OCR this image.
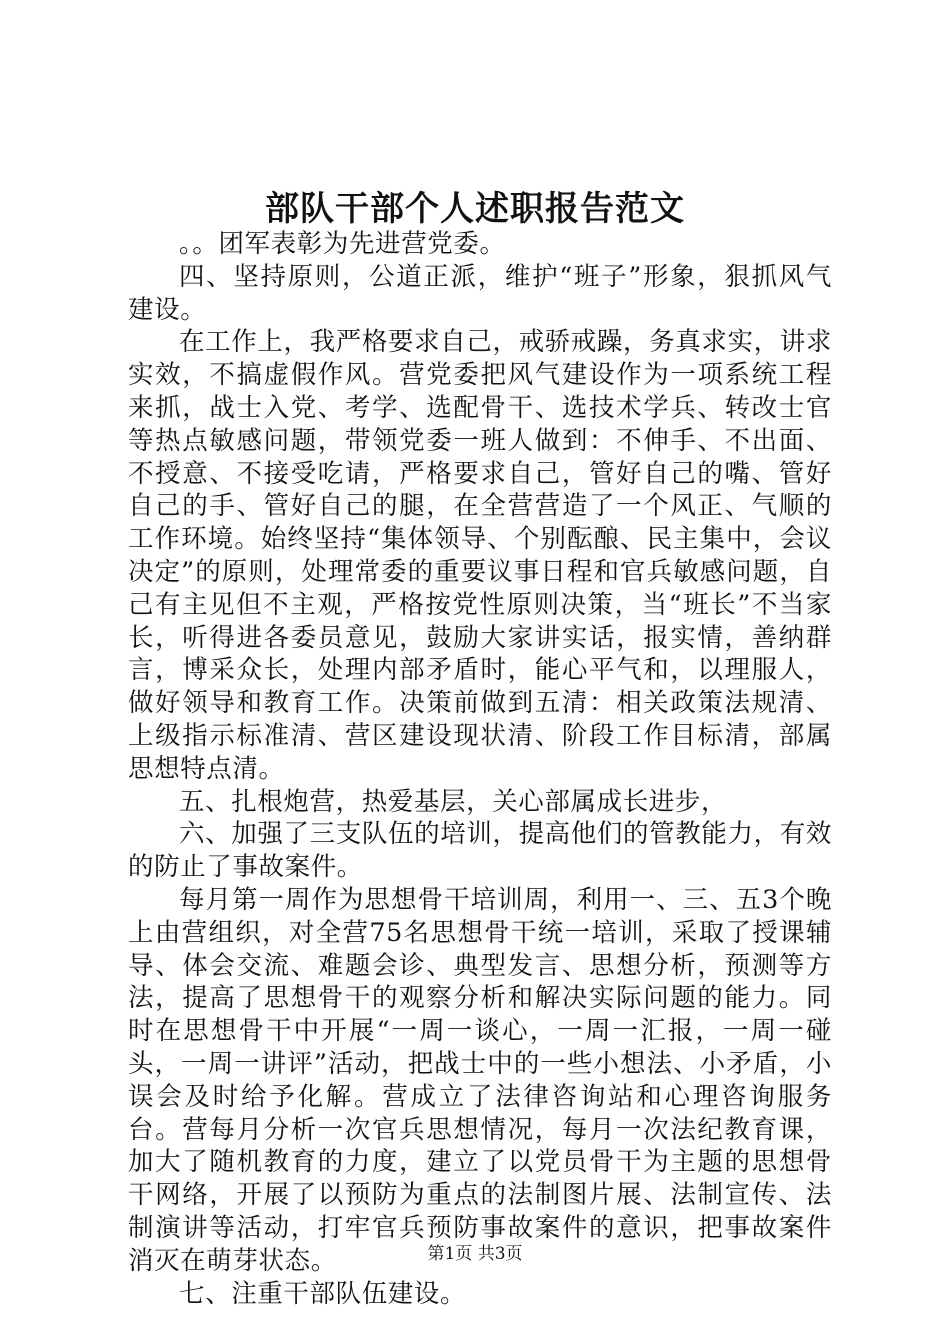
部队干部个人述职报告范文

。。团军表彰为先进营党委。

四、坚持原则，公道正派，维护“班子”形象，狠抓风气建设。

在工作上，我严格要求自己，戒骄戒躁，务真求实，讲求实效，不搞虚假作风。营党委把风气建设作为一项系统工程来抓，战士入党、考学、选配骨干、选技术学兵、转改士官等热点敏感问题，带领党委一班人做到：不伸手、不出面、不授意、不接受吃请，严格要求自己，管好自己的嘴、管好自己的手、管好自己的腿，在全营营造了一个风正、气顺的工作环境。始终坚持“集体领导、个别酝酿、民主集中，会议决定”的原则，处理常委的重要议事日程和官兵敏感问题，自己有主见但不主观，严格按党性原则决策，当“班长”不当家长，听得进各委员意见，鼓励大家讲实话，报实情，善纳群言，博采众长，处理内部矛盾时，能心平气和，以理服人，做好领导和教育工作。决策前做到五清：相关政策法规清、上级指示标准清、营区建设现状清、阶段工作目标清，部属思想特点清。

五、扎根炮营，热爱基层，关心部属成长进步，

六、加强了三支队伍的培训，提高他们的管教能力，有效的防止了事故案件。

每月第一周作为思想骨干培训周，利用一、三、五3个晚上由营组织，对全营75名思想骨干统一培训，采取了授课辅导、体会交流、难题会诊、典型发言、思想分析，预测等方法，提高了思想骨干的观察分析和解决实际问题的能力。同时在思想骨干中开展“一周一谈心，一周一汇报，一周一碰头，一周一讲评”活动，把战士中的一些小想法、小矛盾，小误会及时给予化解。营成立了法律咨询站和心理咨询服务台。营每月分析一次官兵思想情况，每月一次法纪教育课，加大了随机教育的力度，建立了以党员骨干为主题的思想骨干网络，开展了以预防为重点的法制图片展、法制宣传、法制演讲等活动，打牢官兵预防事故案件的意识，把事故案件消灭在萌芽状态。

七、注重干部队伍建设。

第1页 共3页
